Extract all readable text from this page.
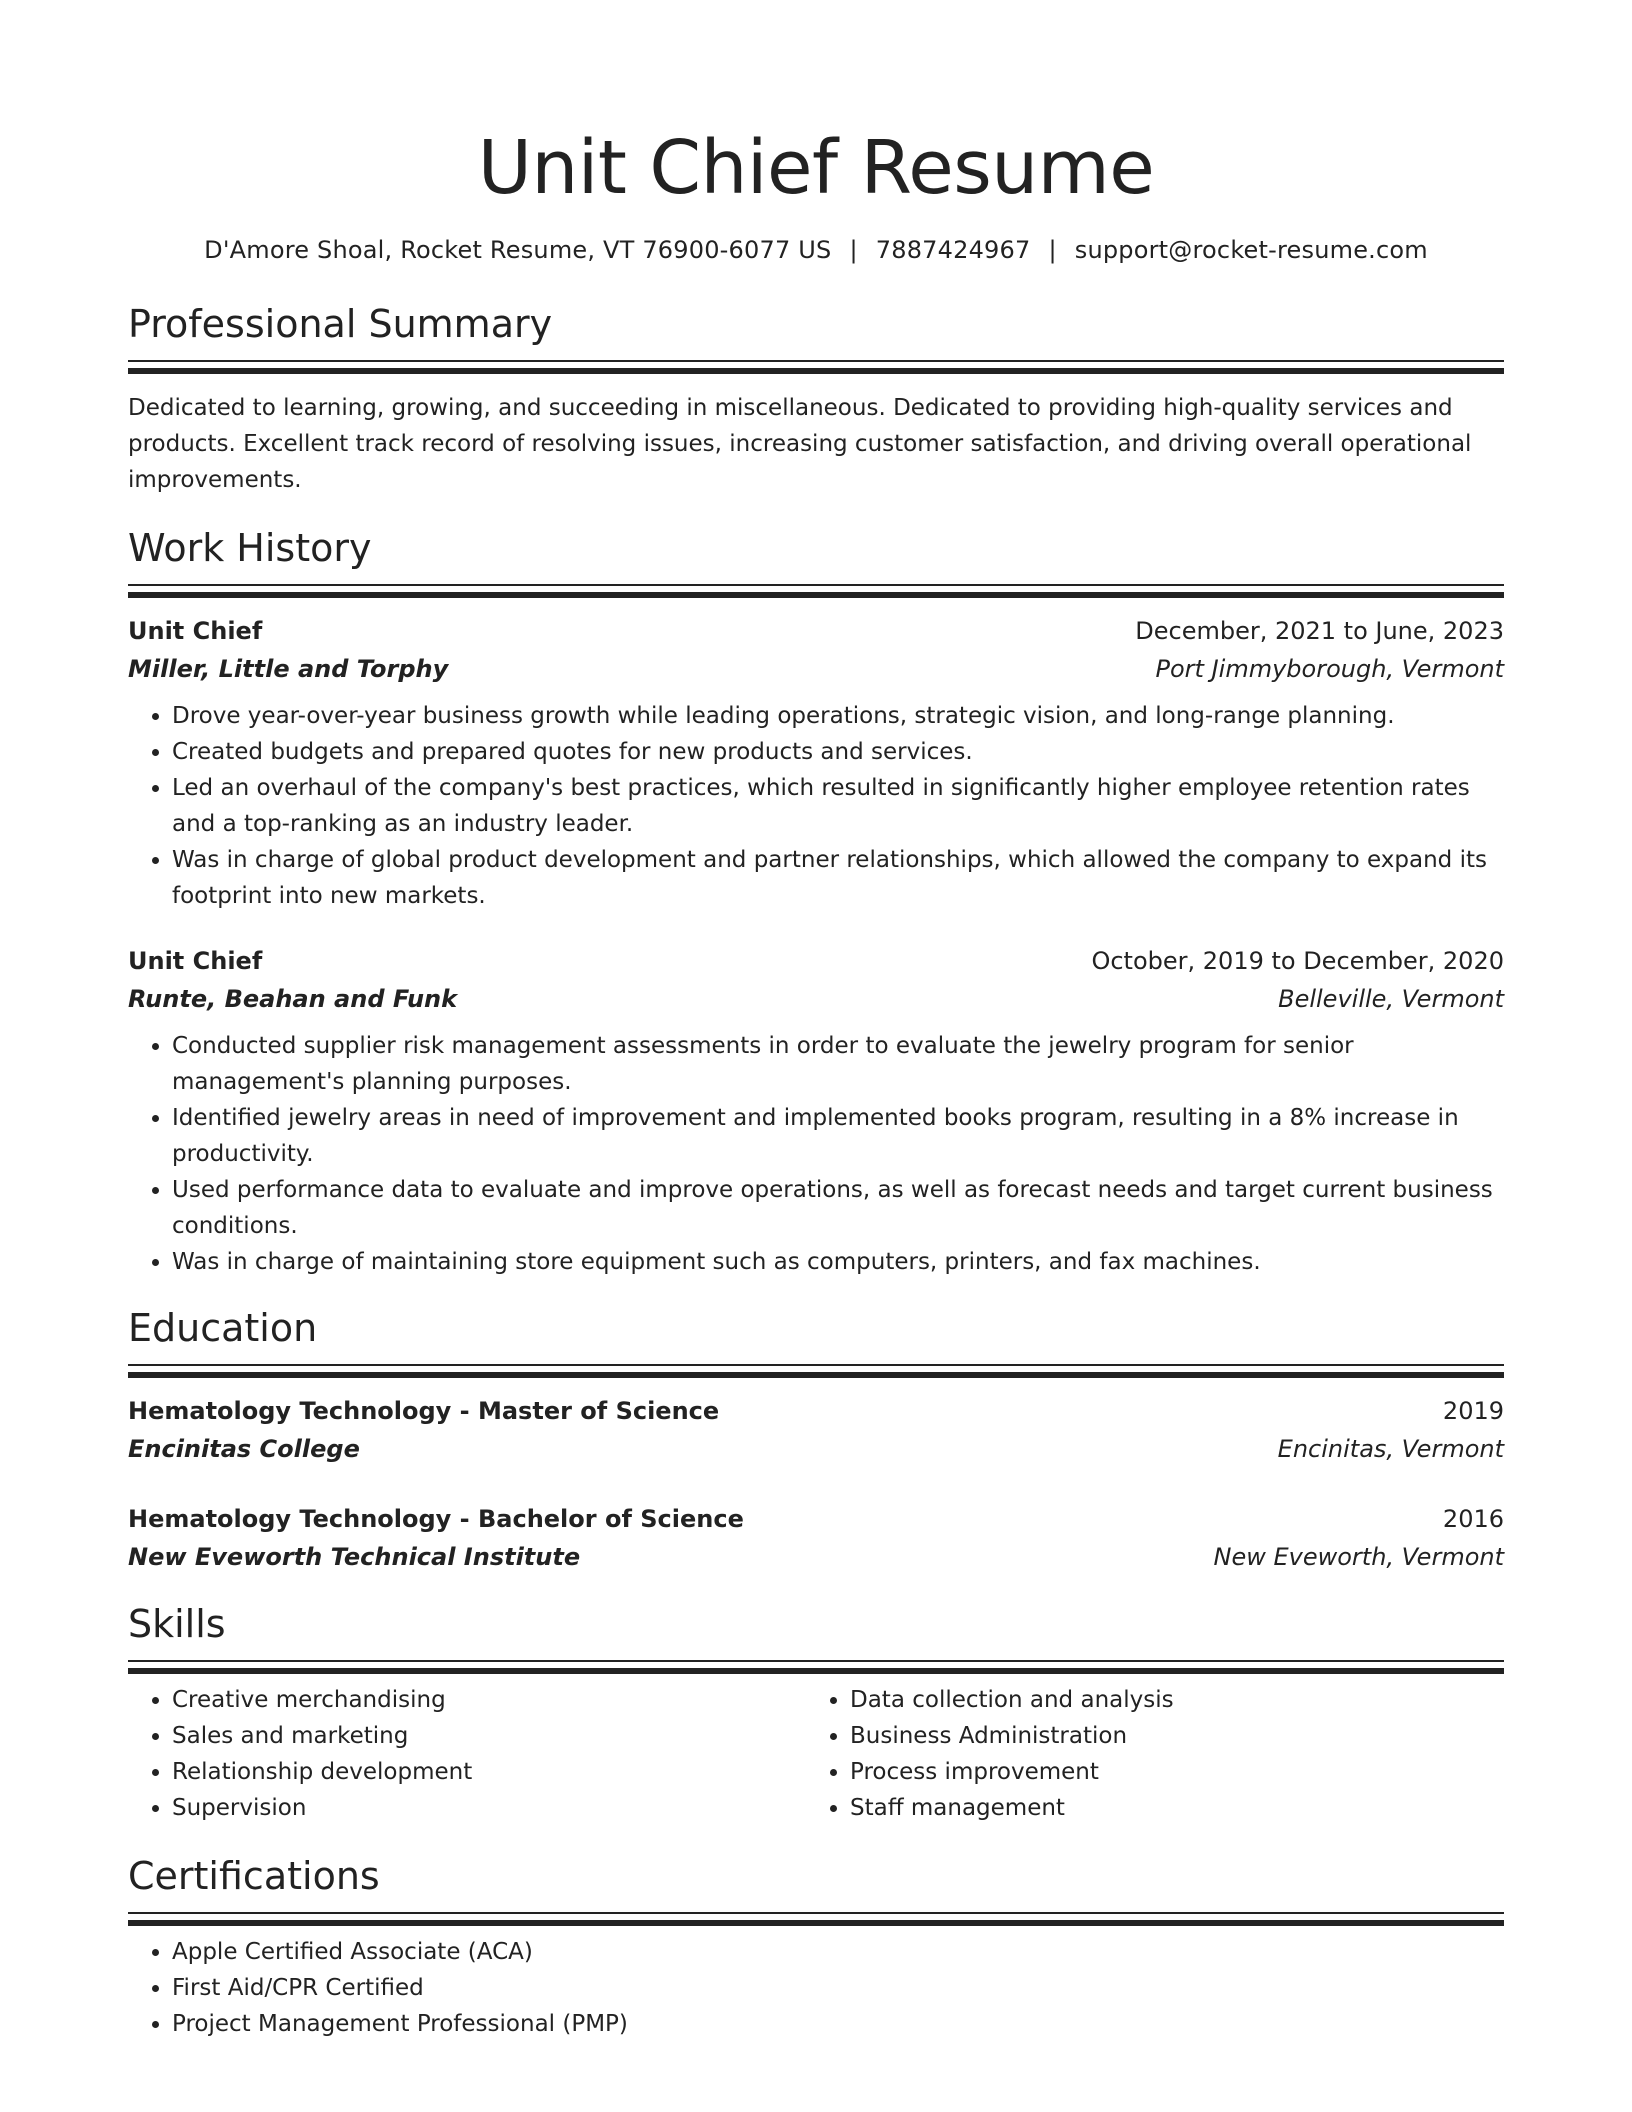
Unit Chief Resume
D'Amore Shoal, Rocket Resume, VT 76900-6077 US | 7887424967 | support@rocket-resume.com
Professional Summary

Dedicated to learning, growing, and succeeding in miscellaneous. Dedicated to providing high-quality services and products. Excellent track record of resolving issues, increasing customer satisfaction, and driving overall operational improvements.

Work History
Unit Chief	December, 2021 to June, 2023
Miller, Little and Torphy	Port Jimmyborough, Vermont
• Drove year-over-year business growth while leading operations, strategic vision, and long-range planning.
• Created budgets and prepared quotes for new products and services.
• Led an overhaul of the company's best practices, which resulted in significantly higher employee retention rates and a top-ranking as an industry leader.
• Was in charge of global product development and partner relationships, which allowed the company to expand its footprint into new markets.
Unit Chief	October, 2019 to December, 2020
Runte, Beahan and Funk	Belleville, Vermont
• Conducted supplier risk management assessments in order to evaluate the jewelry program for senior management's planning purposes.
• Identified jewelry areas in need of improvement and implemented books program, resulting in a 8% increase in productivity.
• Used performance data to evaluate and improve operations, as well as forecast needs and target current business conditions.
• Was in charge of maintaining store equipment such as computers, printers, and fax machines.
Education
Hematology Technology - Master of Science	2019
Encinitas College	Encinitas, Vermont
Hematology Technology - Bachelor of Science	2016
New Eveworth Technical Institute	New Eveworth, Vermont
Skills
• Creative merchandising
• Sales and marketing
• Relationship development
• Supervision
• Data collection and analysis
• Business Administration
• Process improvement
• Staff management
Certifications
• Apple Certified Associate (ACA)
• First Aid/CPR Certified
• Project Management Professional (PMP)
